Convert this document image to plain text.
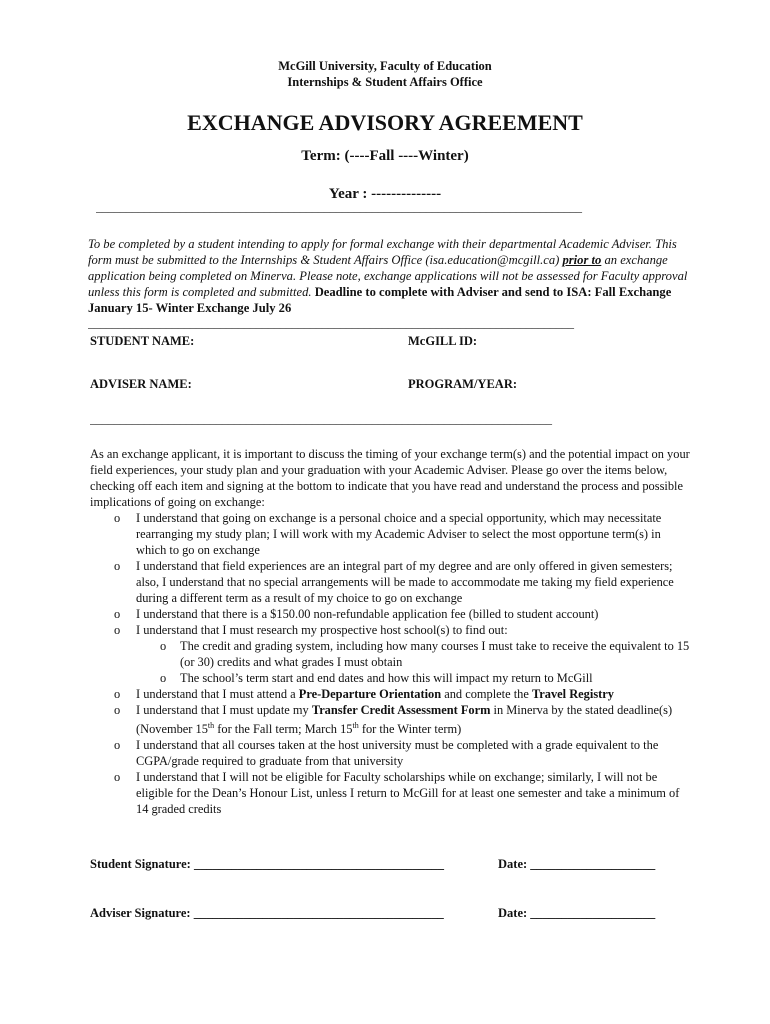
McGill University, Faculty of Education
Internships & Student Affairs Office
EXCHANGE ADVISORY AGREEMENT
Term: (----Fall ----Winter)
Year : --------------
_________________________________________________________________________________
To be completed by a student intending to apply for formal exchange with their departmental Academic Adviser. This form must be submitted to the Internships & Student Affairs Office (isa.education@mcgill.ca) prior to an exchange application being completed on Minerva. Please note, exchange applications will not be assessed for Faculty approval unless this form is completed and submitted. Deadline to complete with Adviser and send to ISA: Fall Exchange January 15- Winter Exchange July 26
_________________________________________________________________________________
STUDENT NAME:	McGILL ID:
ADVISER NAME:	PROGRAM/YEAR:
_____________________________________________________________________________
As an exchange applicant, it is important to discuss the timing of your exchange term(s) and the potential impact on your field experiences, your study plan and your graduation with your Academic Adviser. Please go over the items below, checking off each item and signing at the bottom to indicate that you have read and understand the process and possible implications of going on exchange:
o I understand that going on exchange is a personal choice and a special opportunity, which may necessitate rearranging my study plan; I will work with my Academic Adviser to select the most opportune term(s) in which to go on exchange
o I understand that field experiences are an integral part of my degree and are only offered in given semesters; also, I understand that no special arrangements will be made to accommodate me taking my field experience during a different term as a result of my choice to go on exchange
o I understand that there is a $150.00 non-refundable application fee (billed to student account)
o I understand that I must research my prospective host school(s) to find out:
o The credit and grading system, including how many courses I must take to receive the equivalent to 15 (or 30) credits and what grades I must obtain
o The school’s term start and end dates and how this will impact my return to McGill
o I understand that I must attend a Pre-Departure Orientation and complete the Travel Registry
o I understand that I must update my Transfer Credit Assessment Form in Minerva by the stated deadline(s) (November 15th for the Fall term; March 15th for the Winter term)
o I understand that all courses taken at the host university must be completed with a grade equivalent to the CGPA/grade required to graduate from that university
o I understand that I will not be eligible for Faculty scholarships while on exchange; similarly, I will not be eligible for the Dean’s Honour List, unless I return to McGill for at least one semester and take a minimum of 14 graded credits
Student Signature: ________________________________________	Date: ____________________
Adviser Signature: ________________________________________	Date: ____________________
